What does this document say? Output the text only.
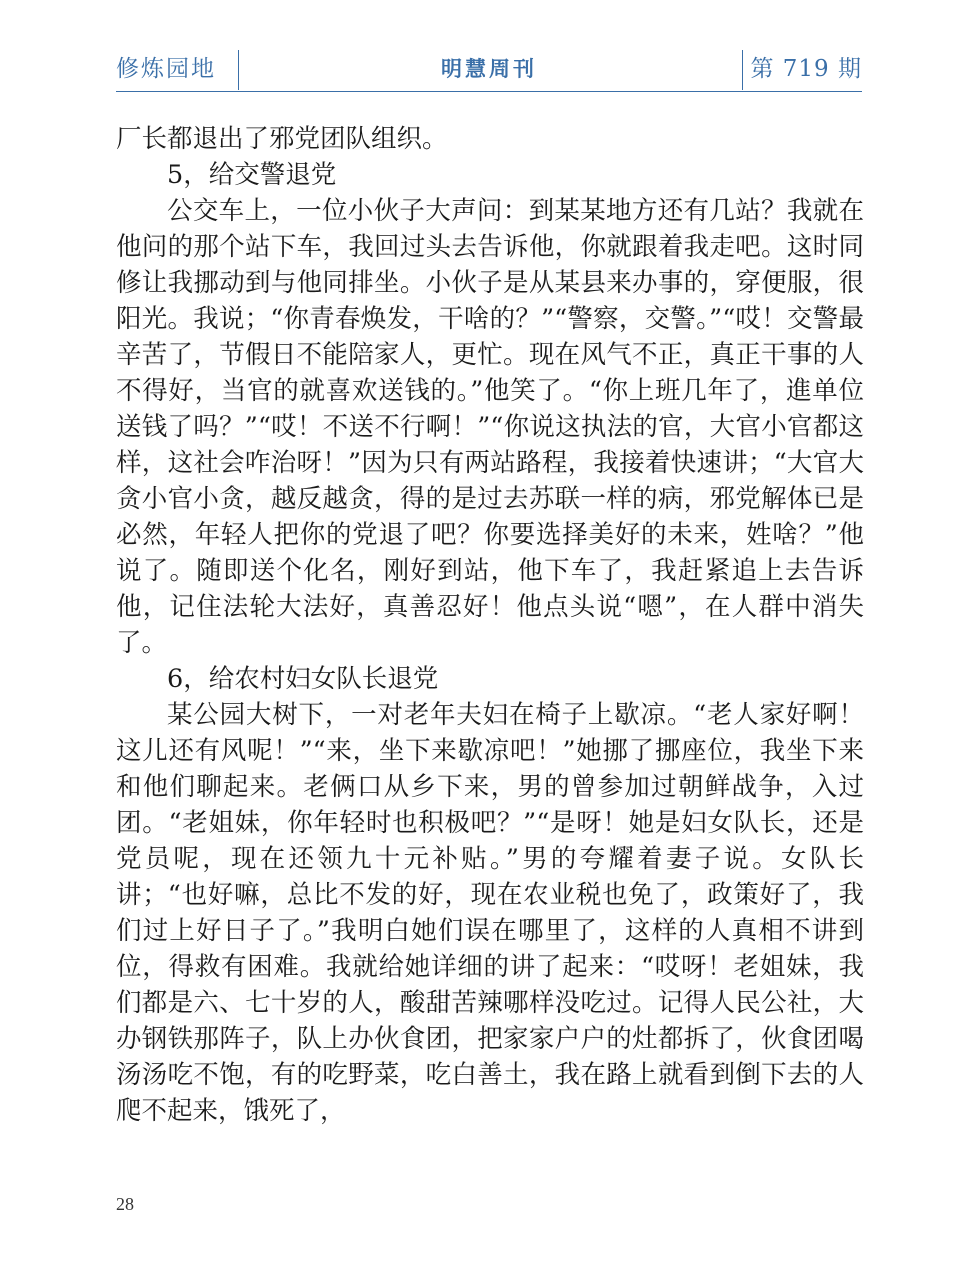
修炼园地	明慧周刊	第 719 期

厂长都退出了邪党团队组织。

5，给交警退党

公交车上，一位小伙子大声问：到某某地方还有几站？我就在他问的那个站下车，我回过头去告诉他，你就跟着我走吧。这时同修让我挪动到与他同排坐。小伙子是从某县来办事的，穿便服，很阳光。我说；“你青春焕发，干啥的？”“警察，交警。”“哎！交警最辛苦了，节假日不能陪家人，更忙。现在风气不正，真正干事的人不得好，当官的就喜欢送钱的。”他笑了。“你上班几年了，進单位送钱了吗？”“哎！不送不行啊！”“你说这执法的官，大官小官都这样，这社会咋治呀！”因为只有两站路程，我接着快速讲；“大官大贪小官小贪，越反越贪，得的是过去苏联一样的病，邪党解体已是必然，年轻人把你的党退了吧？你要选择美好的未来，姓啥？”他说了。随即送个化名，刚好到站，他下车了，我赶紧追上去告诉他，记住法轮大法好，真善忍好！他点头说“嗯”，在人群中消失了。

6，给农村妇女队长退党

某公园大树下，一对老年夫妇在椅子上歇凉。“老人家好啊！这儿还有风呢！”“来，坐下来歇凉吧！”她挪了挪座位，我坐下来和他们聊起来。老俩口从乡下来，男的曾参加过朝鲜战争，入过团。“老姐妹，你年轻时也积极吧？”“是呀！她是妇女队长，还是党员呢，现在还领九十元补贴。”男的夸耀着妻子说。女队长讲；“也好嘛，总比不发的好，现在农业税也免了，政策好了，我们过上好日子了。”我明白她们误在哪里了，这样的人真相不讲到位，得救有困难。我就给她详细的讲了起来：“哎呀！老姐妹，我们都是六、七十岁的人，酸甜苦辣哪样没吃过。记得人民公社，大办钢铁那阵子，队上办伙食团，把家家户户的灶都拆了，伙食团喝汤汤吃不饱，有的吃野菜，吃白善土，我在路上就看到倒下去的人爬不起来，饿死了，

28
